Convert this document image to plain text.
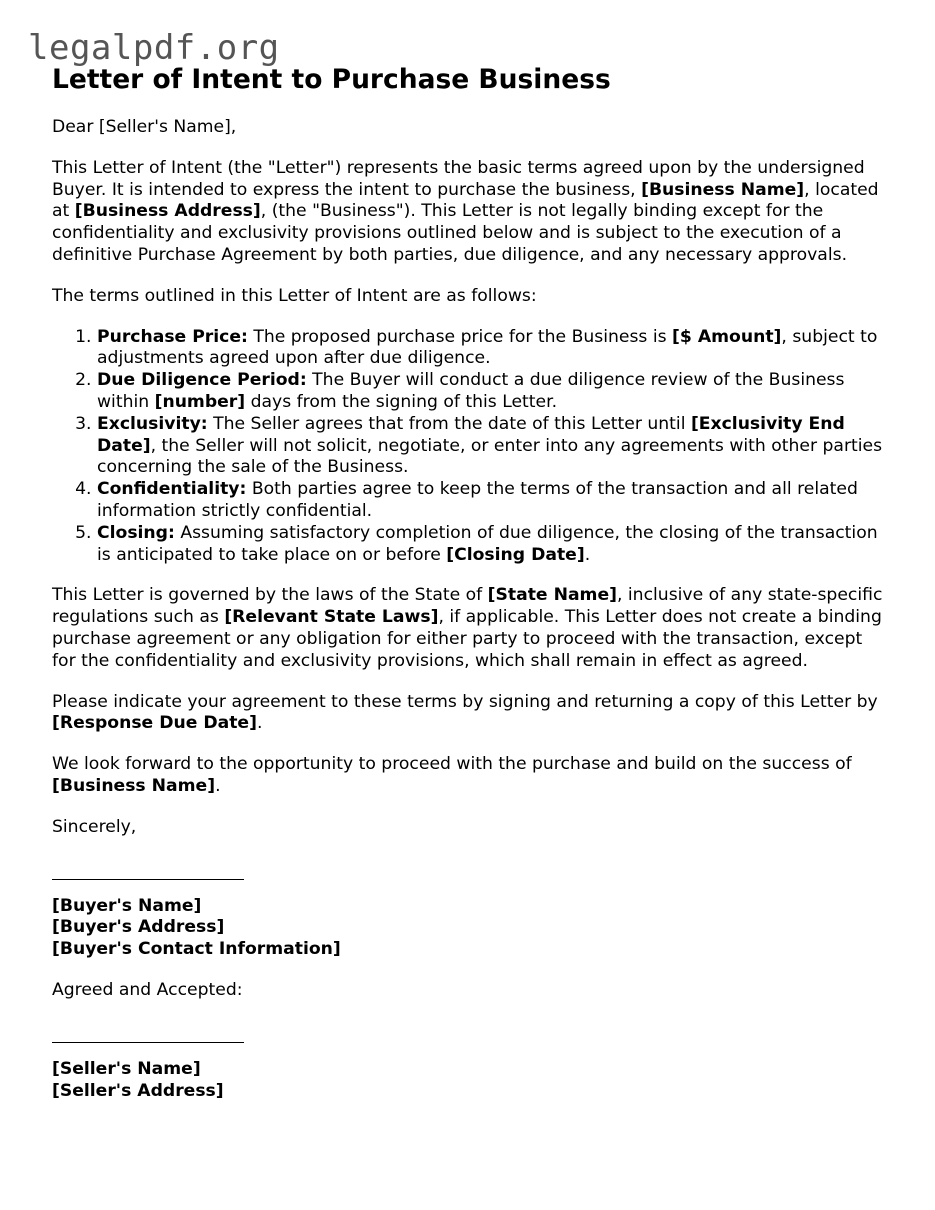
legalpdf.org
Letter of Intent to Purchase Business

Dear [Seller's Name],

This Letter of Intent (the "Letter") represents the basic terms agreed upon by the undersigned Buyer. It is intended to express the intent to purchase the business, [Business Name], located at [Business Address], (the "Business"). This Letter is not legally binding except for the confidentiality and exclusivity provisions outlined below and is subject to the execution of a definitive Purchase Agreement by both parties, due diligence, and any necessary approvals.

The terms outlined in this Letter of Intent are as follows:

1. Purchase Price: The proposed purchase price for the Business is [$ Amount], subject to adjustments agreed upon after due diligence.
2. Due Diligence Period: The Buyer will conduct a due diligence review of the Business within [number] days from the signing of this Letter.
3. Exclusivity: The Seller agrees that from the date of this Letter until [Exclusivity End Date], the Seller will not solicit, negotiate, or enter into any agreements with other parties concerning the sale of the Business.
4. Confidentiality: Both parties agree to keep the terms of the transaction and all related information strictly confidential.
5. Closing: Assuming satisfactory completion of due diligence, the closing of the transaction is anticipated to take place on or before [Closing Date].

This Letter is governed by the laws of the State of [State Name], inclusive of any state-specific regulations such as [Relevant State Laws], if applicable. This Letter does not create a binding purchase agreement or any obligation for either party to proceed with the transaction, except for the confidentiality and exclusivity provisions, which shall remain in effect as agreed.

Please indicate your agreement to these terms by signing and returning a copy of this Letter by [Response Due Date].

We look forward to the opportunity to proceed with the purchase and build on the success of [Business Name].

Sincerely,

[Buyer's Name]
[Buyer's Address]
[Buyer's Contact Information]

Agreed and Accepted:

[Seller's Name]
[Seller's Address]
